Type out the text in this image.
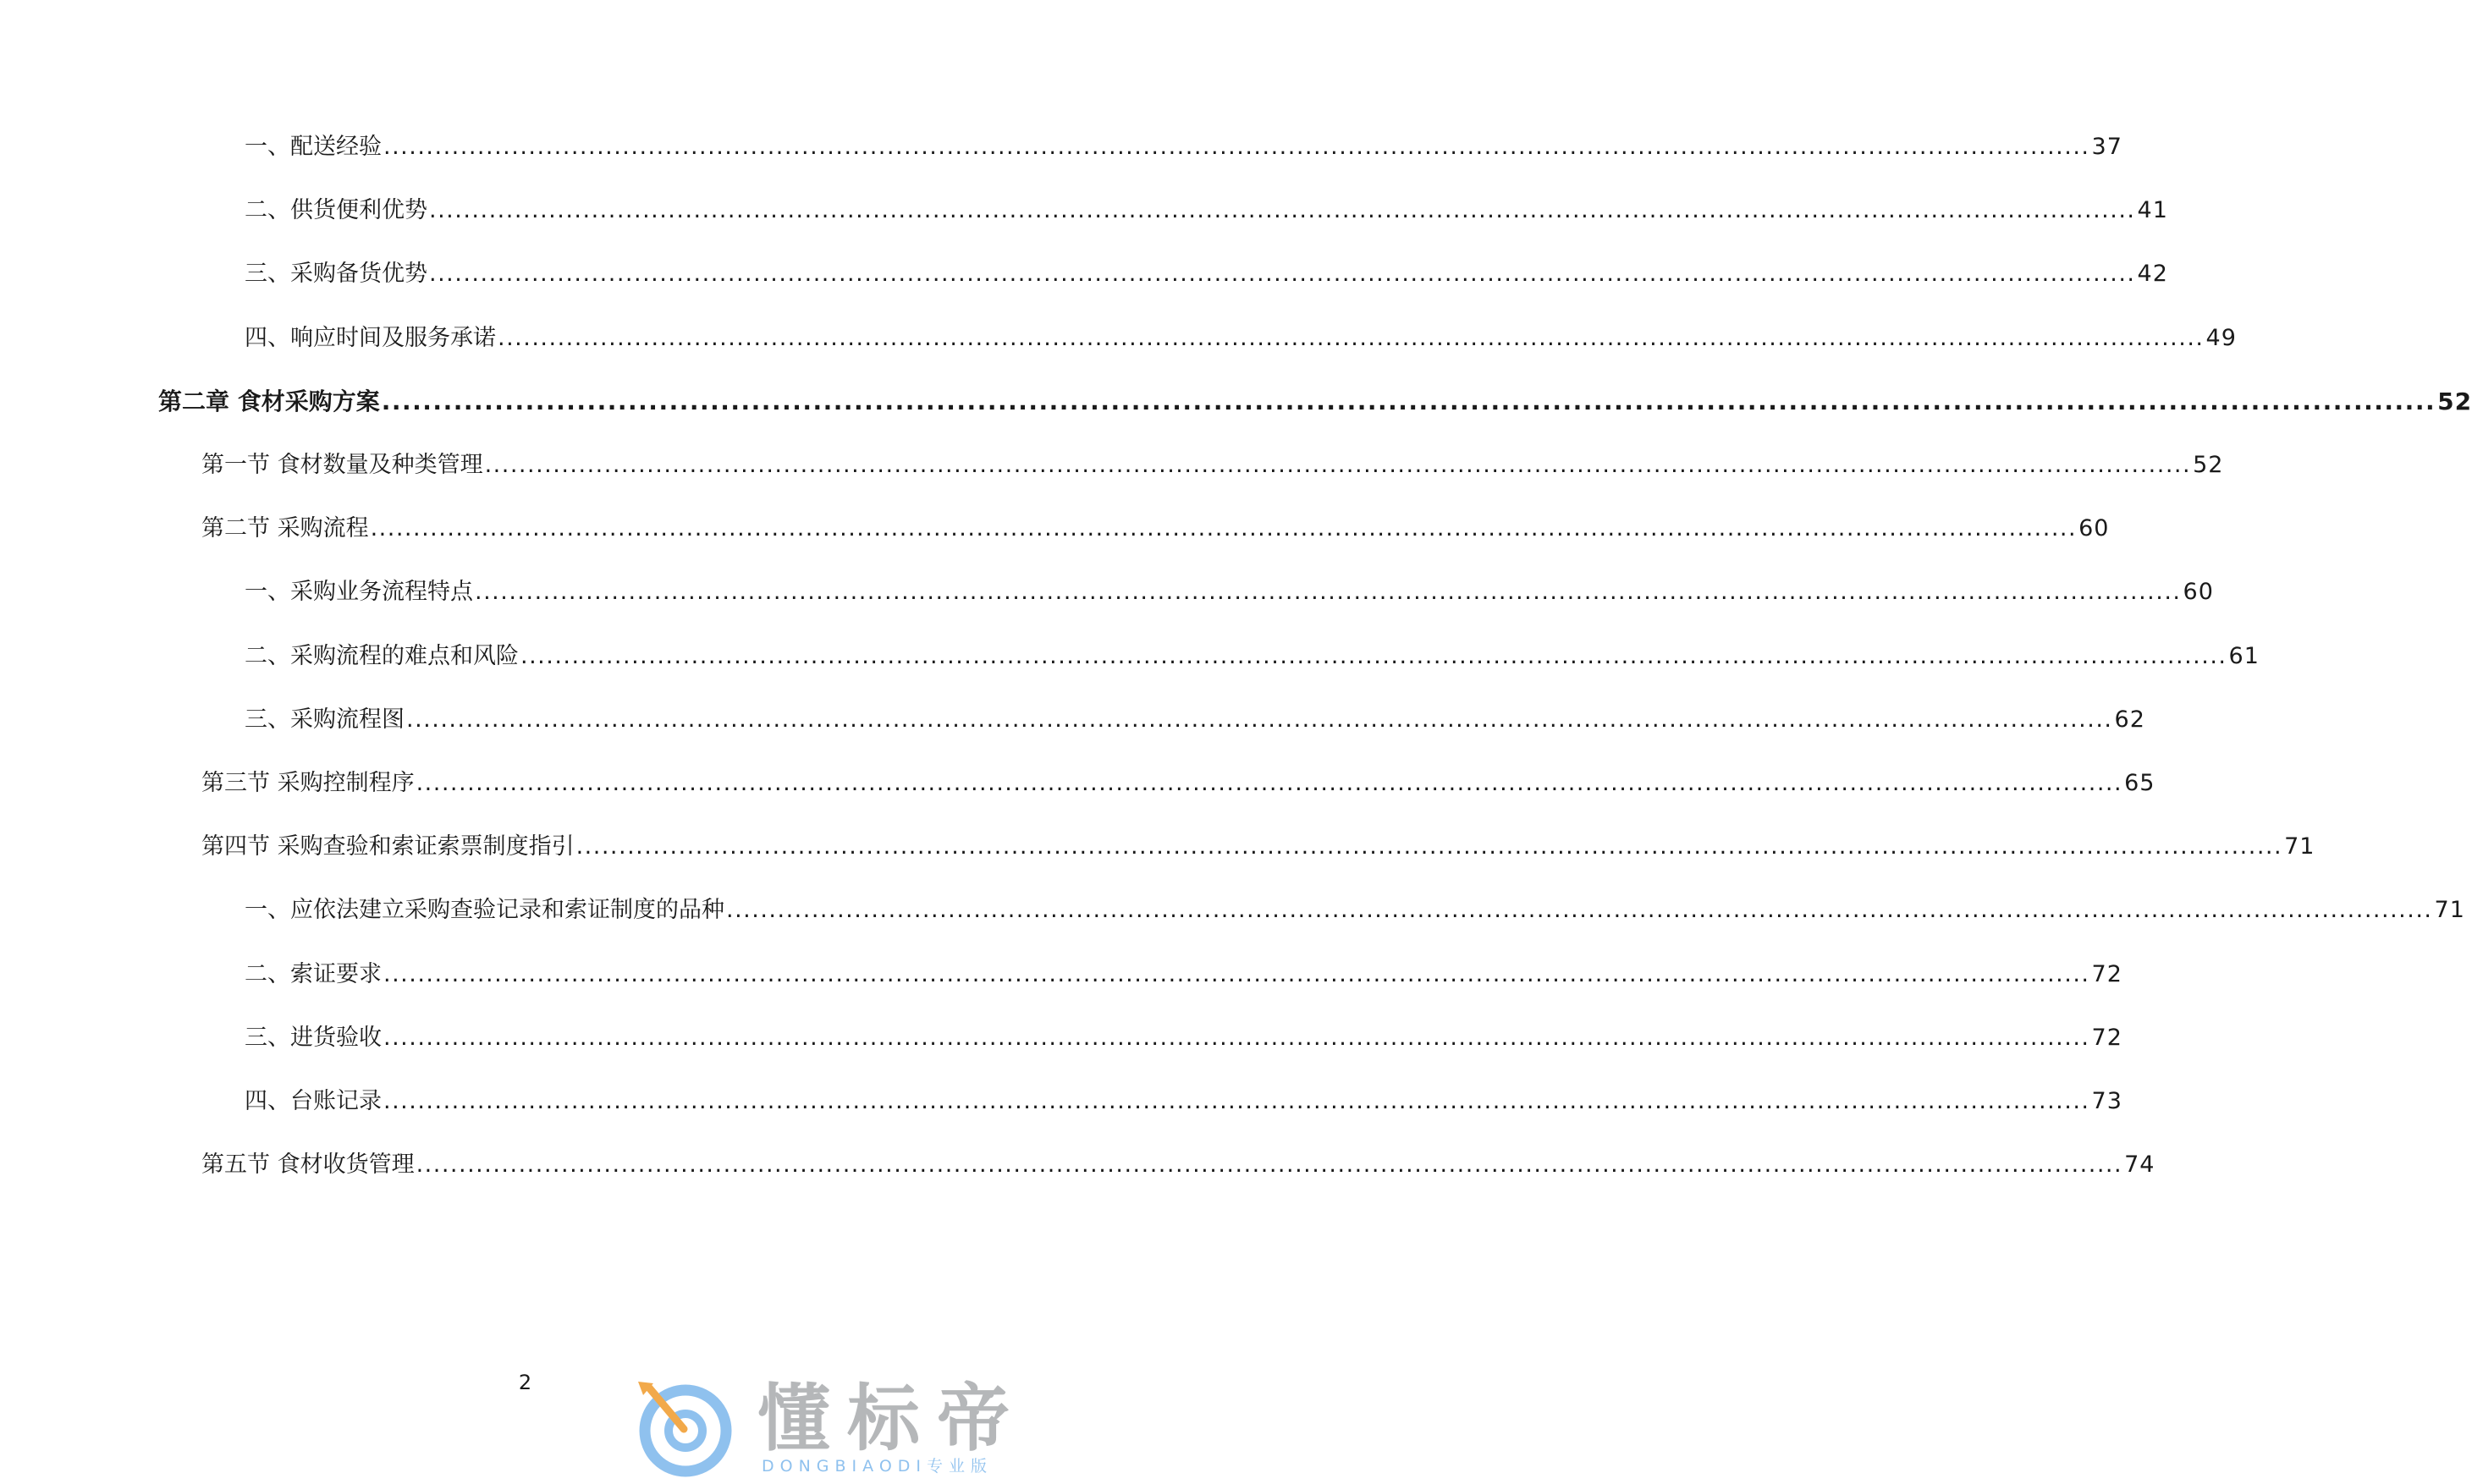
一、配送经验 ........................................................................................................................................................................................................ 37
二、供货便利优势 ........................................................................................................................................................................................................ 41
三、采购备货优势 ........................................................................................................................................................................................................ 42
四、响应时间及服务承诺 ........................................................................................................................................................................................................ 49
第二章 食材采购方案 ........................................................................................................................................................................................................ 52
第一节 食材数量及种类管理 ........................................................................................................................................................................................................ 52
第二节 采购流程 ........................................................................................................................................................................................................ 60
一、采购业务流程特点 ........................................................................................................................................................................................................ 60
二、采购流程的难点和风险 ........................................................................................................................................................................................................ 61
三、采购流程图 ........................................................................................................................................................................................................ 62
第三节 采购控制程序 ........................................................................................................................................................................................................ 65
第四节 采购查验和索证索票制度指引 ........................................................................................................................................................................................................ 71
一、应依法建立采购查验记录和索证制度的品种 ........................................................................................................................................................................................................ 71
二、索证要求 ........................................................................................................................................................................................................ 72
三、进货验收 ........................................................................................................................................................................................................ 72
四、台账记录 ........................................................................................................................................................................................................ 73
第五节 食材收货管理 ........................................................................................................................................................................................................ 74
2	懂标帝
DONGBIAODI专业版
